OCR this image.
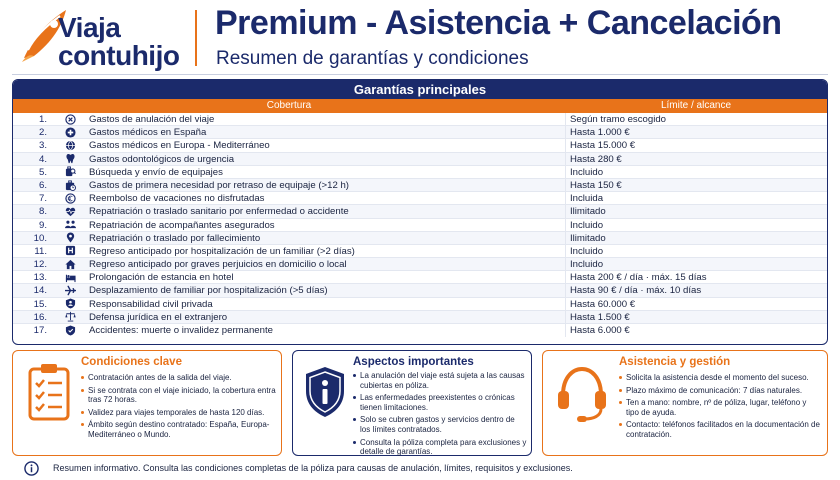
Viaja
contuhijo
Premium - Asistencia + Cancelación
Resumen de garantías y condiciones
Garantías principales
Cobertura	Límite / alcance
1.	Gastos de anulación del viaje	Según tramo escogido
2.	Gastos médicos en España	Hasta 1.000 €
3.	Gastos médicos en Europa - Mediterráneo	Hasta 15.000 €
4.	Gastos odontológicos de urgencia	Hasta 280 €
5.	Búsqueda y envío de equipajes	Incluido
6.	Gastos de primera necesidad por retraso de equipaje (>12 h)	Hasta 150 €
7.	Reembolso de vacaciones no disfrutadas	Incluida
8.	Repatriación o traslado sanitario por enfermedad o accidente	Ilimitado
9.	Repatriación de acompañantes asegurados	Incluido
10.	Repatriación o traslado por fallecimiento	Ilimitado
11.	Regreso anticipado por hospitalización de un familiar (>2 días)	Incluido
12.	Regreso anticipado por graves perjuicios en domicilio o local	Incluido
13.	Prolongación de estancia en hotel	Hasta 200 € / día · máx. 15 días
14.	Desplazamiento de familiar por hospitalización (>5 días)	Hasta 90 € / día · máx. 10 días
15.	Responsabilidad civil privada	Hasta 60.000 €
16.	Defensa jurídica en el extranjero	Hasta 1.500 €
17.	Accidentes: muerte o invalidez permanente	Hasta 6.000 €
Condiciones clave
Contratación antes de la salida del viaje.
Si se contrata con el viaje iniciado, la cobertura entra tras 72 horas.
Validez para viajes temporales de hasta 120 días.
Ámbito según destino contratado: España, Europa-Mediterráneo o Mundo.
Aspectos importantes
La anulación del viaje está sujeta a las causas cubiertas en póliza.
Las enfermedades preexistentes o crónicas tienen limitaciones.
Solo se cubren gastos y servicios dentro de los límites contratados.
Consulta la póliza completa para exclusiones y detalle de garantías.
Asistencia y gestión
Solicita la asistencia desde el momento del suceso.
Plazo máximo de comunicación: 7 días naturales.
Ten a mano: nombre, nº de póliza, lugar, teléfono y tipo de ayuda.
Contacto: teléfonos facilitados en la documentación de contratación.
Resumen informativo. Consulta las condiciones completas de la póliza para causas de anulación, límites, requisitos y exclusiones.
